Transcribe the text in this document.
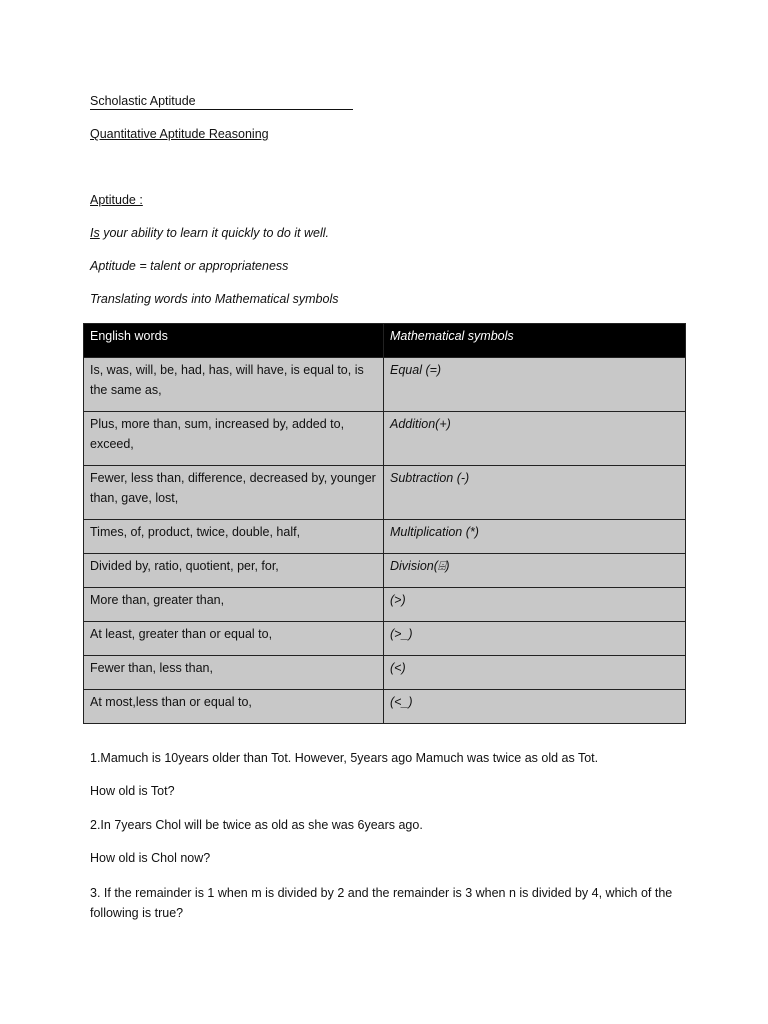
Scholastic Aptitude
Quantitative Aptitude Reasoning
Aptitude :
Is your ability to learn it quickly to do it well.
Aptitude = talent or appropriateness
Translating words into Mathematical symbols
English words	Mathematical symbols
Is, was, will, be, had, has, will have, is equal to, is the same as,	Equal (=)
Plus, more than, sum, increased by, added to, exceed,	Addition(+)
Fewer, less than, difference, decreased by, younger than, gave, lost,	Subtraction (-)
Times, of, product, twice, double, half,	Multiplication (*)
Divided by, ratio, quotient, per, for,	Division(⌹)
More than, greater than,	(>)
At least, greater than or equal to,	(>_)
Fewer than, less than,	(<)
At most,less than or equal to,	(<_)
1.Mamuch is 10years older than Tot. However, 5years ago Mamuch was twice as old as Tot.
How old is Tot?
2.In 7years Chol will be twice as old as she was 6years ago.
How old is Chol now?
3. If the remainder is 1 when m is divided by 2 and the remainder is 3 when n is divided by 4, which of the following is true?
